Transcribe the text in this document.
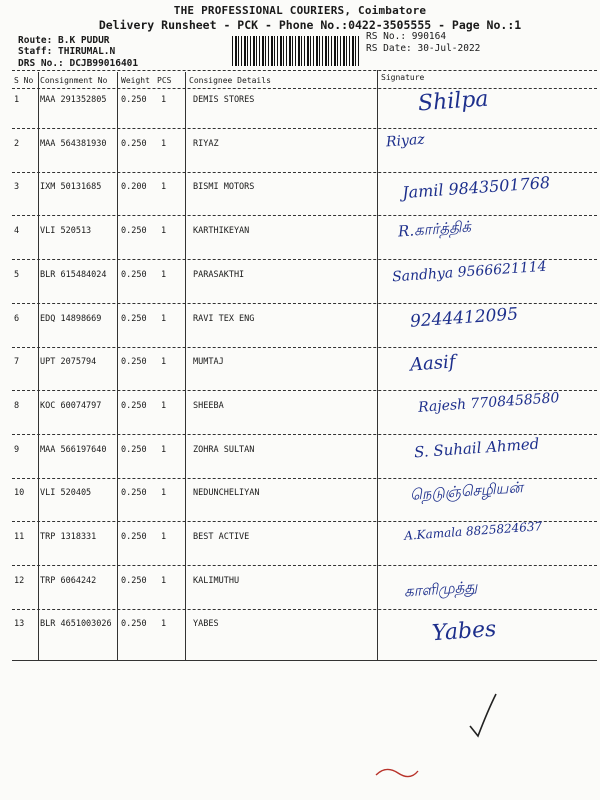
THE PROFESSIONAL COURIERS, Coimbatore
Delivery Runsheet - PCK - Phone No.:0422-3505555 - Page No.:1
Route: B.K PUDUR
Staff: THIRUMAL.N
DRS No.: DCJB99016401
RS No.: 990164
RS Date: 30-Jul-2022
S No Consignment No Weight PCS Consignee Details	Signature
1 MAA 291352805 0.250 1	DEMIS STORES	Shilpa
2 MAA 564381930 0.250 1	RIYAZ	Riyaz
3 IXM 50131685 0.200 1	BISMI MOTORS	Jamil 9843501768
4 VLI 520513	0.250 1	KARTHIKEYAN	R.கார்த்திக்
5 BLR 615484024 0.250 1	PARASAKTHI	Sandhya 9566621114
6 EDQ 14898669 0.250 1	RAVI TEX ENG	9244412095
7 UPT 2075794	0.250 1	MUMTAJ	Aasif
8 KOC 60074797 0.250 1	SHEEBA	Rajesh 7708458580
9 MAA 566197640 0.250 1	ZOHRA SULTAN	S. Suhail Ahmed
10 VLI 520405	0.250 1	NEDUNCHELIYAN	நெடுஞ்செழியன்
11 TRP 1318331	0.250 1	BEST ACTIVE	A.Kamala 8825824637
12 TRP 6064242	0.250 1	KALIMUTHU	காளிமுத்து
13 BLR 4651003026 0.250 1	YABES	Yabes
